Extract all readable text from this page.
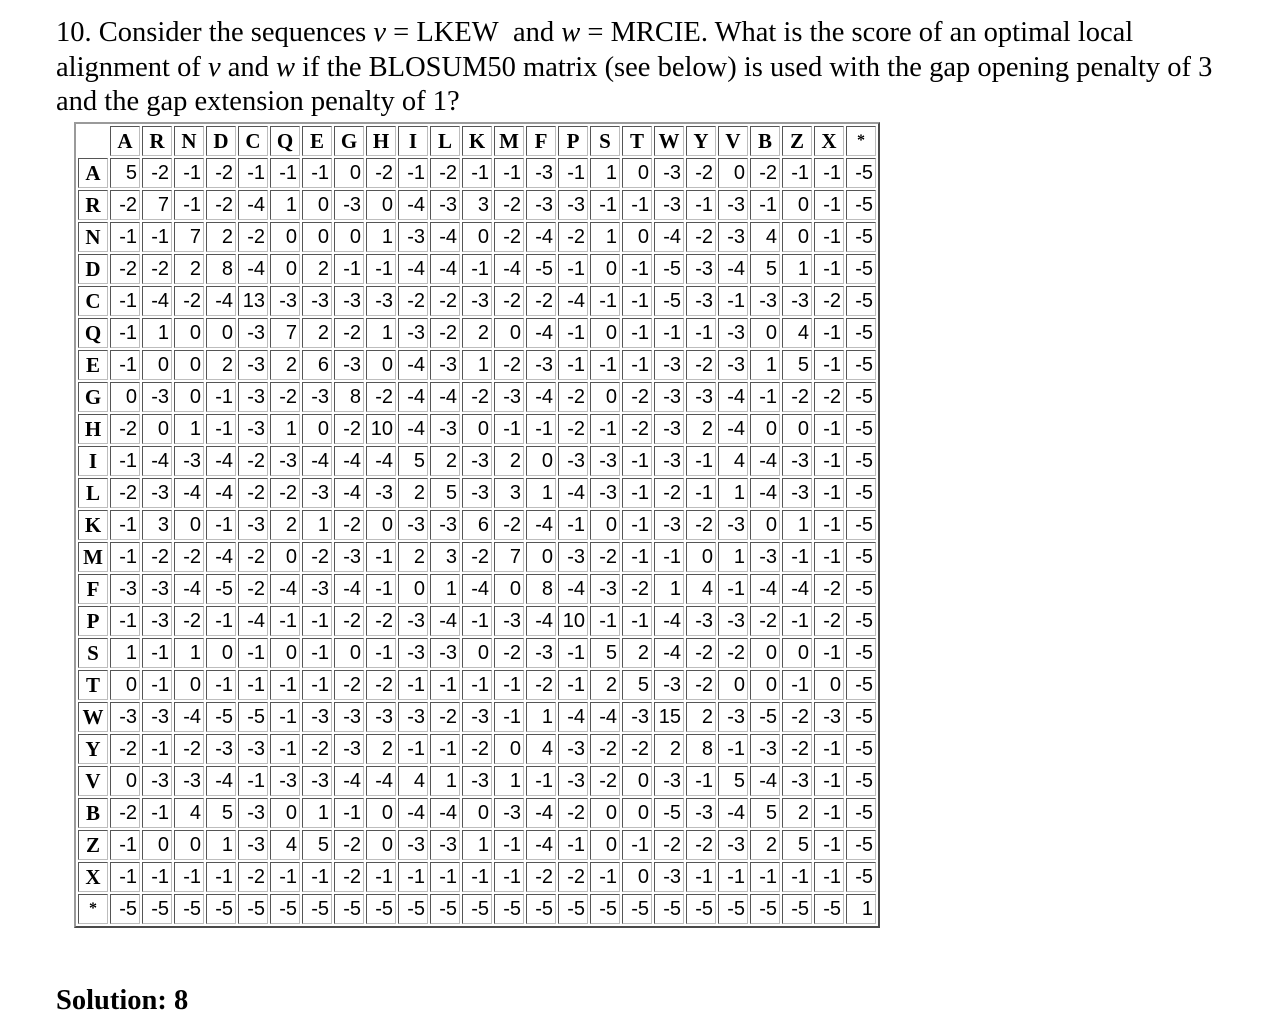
10. Consider the sequences v = LKEW and w = MRCIE. What is the score of an optimal local alignment of v and w if the BLOSUM50 matrix (see below) is used with the gap opening penalty of 3 and the gap extension penalty of 1?

	A	R	N	D	C	Q	E	G	H	I	L	K	M	F	P	S	T	W	Y	V	B	Z	X	*
A	5	-2	-1	-2	-1	-1	-1	0	-2	-1	-2	-1	-1	-3	-1	1	0	-3	-2	0	-2	-1	-1	-5
R	-2	7	-1	-2	-4	1	0	-3	0	-4	-3	3	-2	-3	-3	-1	-1	-3	-1	-3	-1	0	-1	-5
N	-1	-1	7	2	-2	0	0	0	1	-3	-4	0	-2	-4	-2	1	0	-4	-2	-3	4	0	-1	-5
D	-2	-2	2	8	-4	0	2	-1	-1	-4	-4	-1	-4	-5	-1	0	-1	-5	-3	-4	5	1	-1	-5
C	-1	-4	-2	-4	13	-3	-3	-3	-3	-2	-2	-3	-2	-2	-4	-1	-1	-5	-3	-1	-3	-3	-2	-5
Q	-1	1	0	0	-3	7	2	-2	1	-3	-2	2	0	-4	-1	0	-1	-1	-1	-3	0	4	-1	-5
E	-1	0	0	2	-3	2	6	-3	0	-4	-3	1	-2	-3	-1	-1	-1	-3	-2	-3	1	5	-1	-5
G	0	-3	0	-1	-3	-2	-3	8	-2	-4	-4	-2	-3	-4	-2	0	-2	-3	-3	-4	-1	-2	-2	-5
H	-2	0	1	-1	-3	1	0	-2	10	-4	-3	0	-1	-1	-2	-1	-2	-3	2	-4	0	0	-1	-5
I	-1	-4	-3	-4	-2	-3	-4	-4	-4	5	2	-3	2	0	-3	-3	-1	-3	-1	4	-4	-3	-1	-5
L	-2	-3	-4	-4	-2	-2	-3	-4	-3	2	5	-3	3	1	-4	-3	-1	-2	-1	1	-4	-3	-1	-5
K	-1	3	0	-1	-3	2	1	-2	0	-3	-3	6	-2	-4	-1	0	-1	-3	-2	-3	0	1	-1	-5
M	-1	-2	-2	-4	-2	0	-2	-3	-1	2	3	-2	7	0	-3	-2	-1	-1	0	1	-3	-1	-1	-5
F	-3	-3	-4	-5	-2	-4	-3	-4	-1	0	1	-4	0	8	-4	-3	-2	1	4	-1	-4	-4	-2	-5
P	-1	-3	-2	-1	-4	-1	-1	-2	-2	-3	-4	-1	-3	-4	10	-1	-1	-4	-3	-3	-2	-1	-2	-5
S	1	-1	1	0	-1	0	-1	0	-1	-3	-3	0	-2	-3	-1	5	2	-4	-2	-2	0	0	-1	-5
T	0	-1	0	-1	-1	-1	-1	-2	-2	-1	-1	-1	-1	-2	-1	2	5	-3	-2	0	0	-1	0	-5
W	-3	-3	-4	-5	-5	-1	-3	-3	-3	-3	-2	-3	-1	1	-4	-4	-3	15	2	-3	-5	-2	-3	-5
Y	-2	-1	-2	-3	-3	-1	-2	-3	2	-1	-1	-2	0	4	-3	-2	-2	2	8	-1	-3	-2	-1	-5
V	0	-3	-3	-4	-1	-3	-3	-4	-4	4	1	-3	1	-1	-3	-2	0	-3	-1	5	-4	-3	-1	-5
B	-2	-1	4	5	-3	0	1	-1	0	-4	-4	0	-3	-4	-2	0	0	-5	-3	-4	5	2	-1	-5
Z	-1	0	0	1	-3	4	5	-2	0	-3	-3	1	-1	-4	-1	0	-1	-2	-2	-3	2	5	-1	-5
X	-1	-1	-1	-1	-2	-1	-1	-2	-1	-1	-1	-1	-1	-2	-2	-1	0	-3	-1	-1	-1	-1	-1	-5
*	-5	-5	-5	-5	-5	-5	-5	-5	-5	-5	-5	-5	-5	-5	-5	-5	-5	-5	-5	-5	-5	-5	-5	1
Solution: 8
